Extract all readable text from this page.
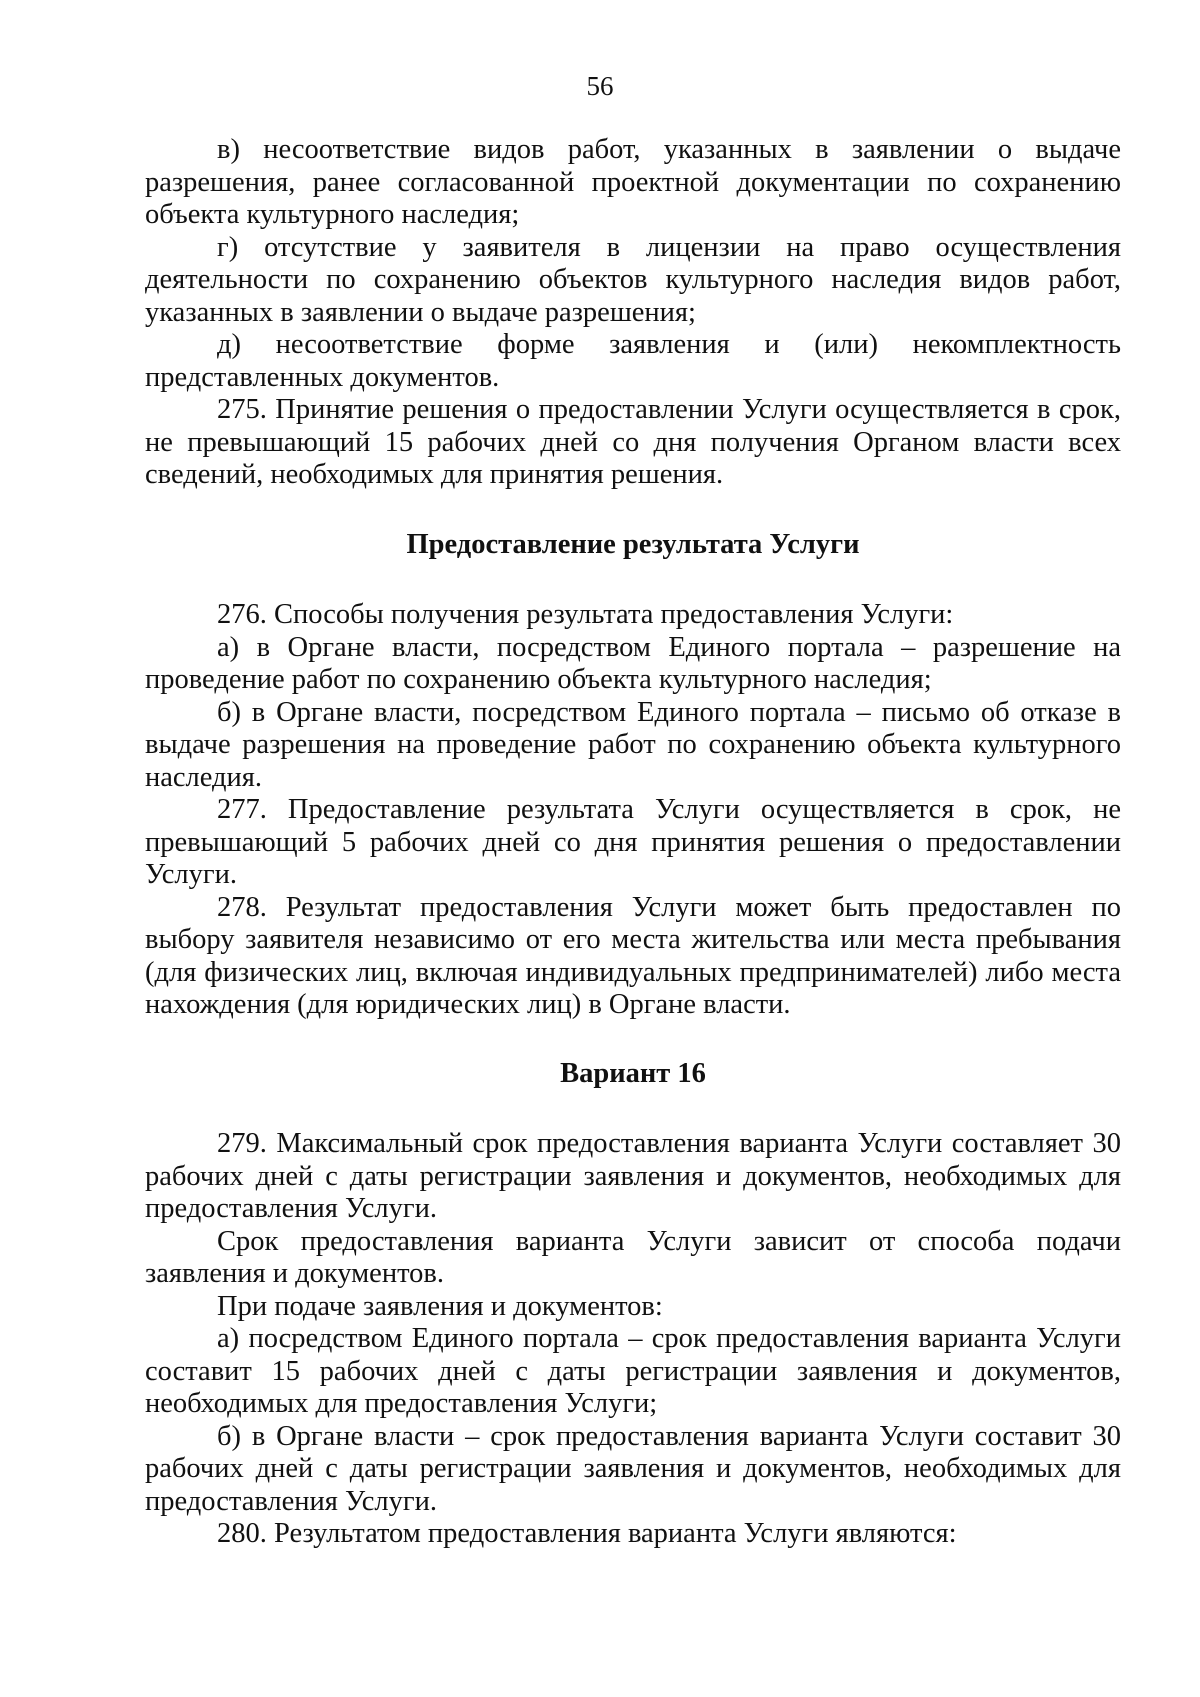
56

в) несоответствие видов работ, указанных в заявлении о выдаче разрешения, ранее согласованной проектной документации по сохранению объекта культурного наследия;

г) отсутствие у заявителя в лицензии на право осуществления деятельности по сохранению объектов культурного наследия видов работ, указанных в заявлении о выдаче разрешения;

д) несоответствие форме заявления и (или) некомплектность представленных документов.

275. Принятие решения о предоставлении Услуги осуществляется в срок, не превышающий 15 рабочих дней со дня получения Органом власти всех сведений, необходимых для принятия решения.

Предоставление результата Услуги

276. Способы получения результата предоставления Услуги:

а) в Органе власти, посредством Единого портала – разрешение на проведение работ по сохранению объекта культурного наследия;

б) в Органе власти, посредством Единого портала – письмо об отказе в выдаче разрешения на проведение работ по сохранению объекта культурного наследия.

277. Предоставление результата Услуги осуществляется в срок, не превышающий 5 рабочих дней со дня принятия решения о предоставлении Услуги.

278. Результат предоставления Услуги может быть предоставлен по выбору заявителя независимо от его места жительства или места пребывания (для физических лиц, включая индивидуальных предпринимателей) либо места нахождения (для юридических лиц) в Органе власти.

Вариант 16

279. Максимальный срок предоставления варианта Услуги составляет 30 рабочих дней с даты регистрации заявления и документов, необходимых для предоставления Услуги.

Срок предоставления варианта Услуги зависит от способа подачи заявления и документов.

При подаче заявления и документов:

а) посредством Единого портала – срок предоставления варианта Услуги составит 15 рабочих дней с даты регистрации заявления и документов, необходимых для предоставления Услуги;

б) в Органе власти – срок предоставления варианта Услуги составит 30 рабочих дней с даты регистрации заявления и документов, необходимых для предоставления Услуги.

280. Результатом предоставления варианта Услуги являются:
